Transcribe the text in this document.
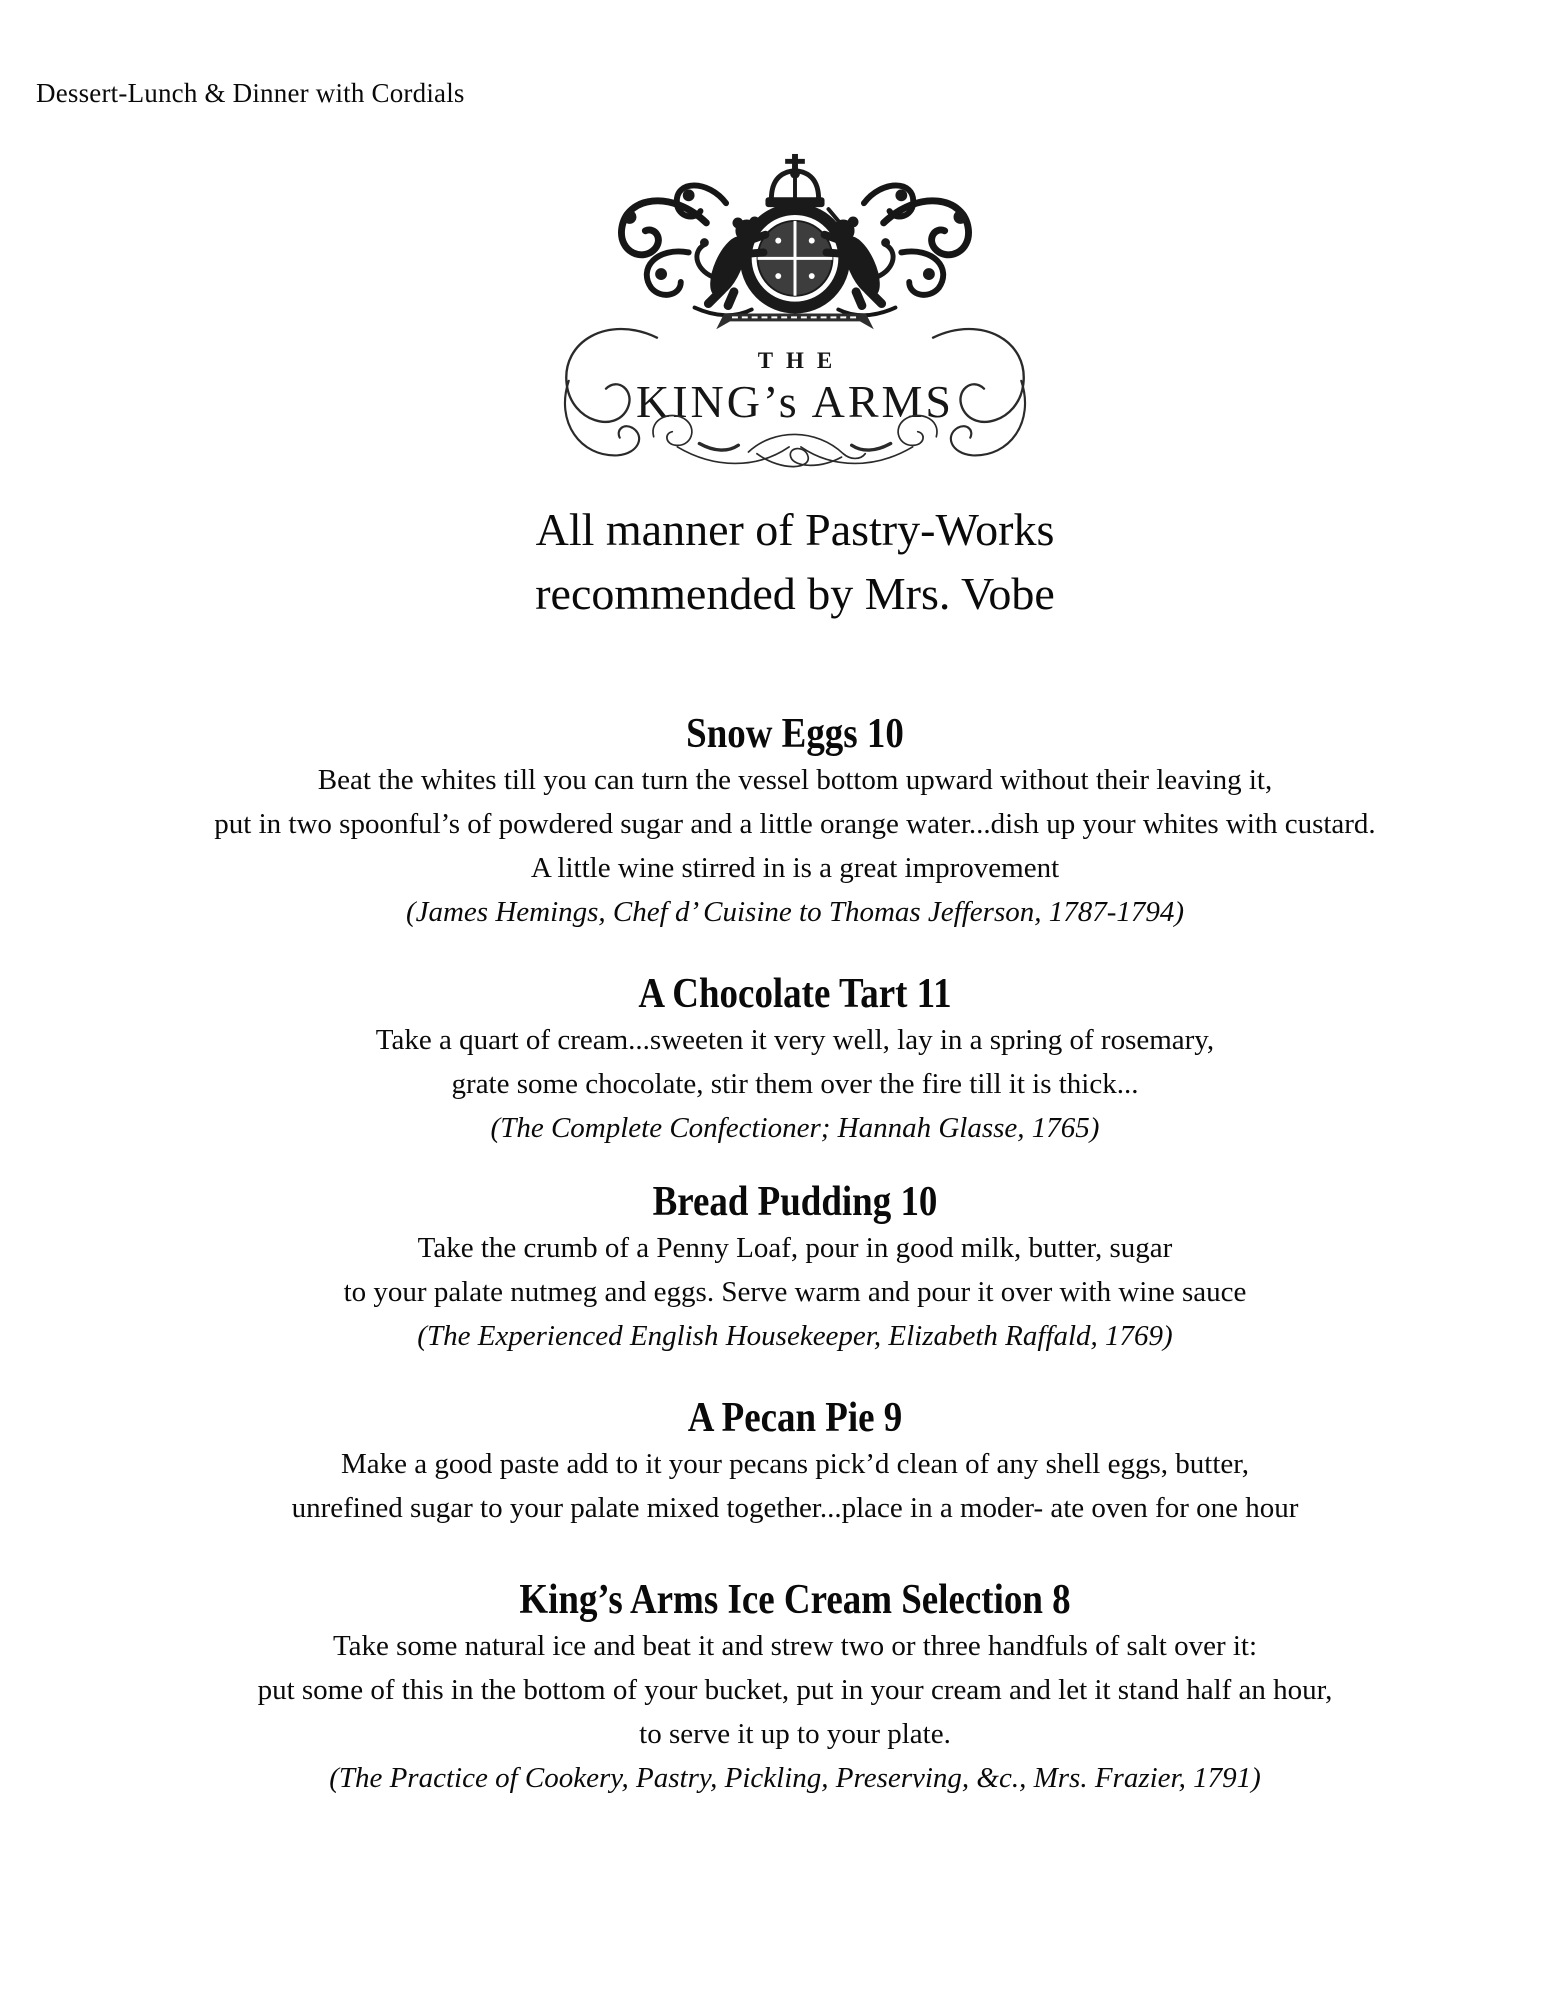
Dessert-Lunch & Dinner with Cordials
THE
KING’s ARMS
All manner of Pastry-Works
recommended by Mrs. Vobe
Snow Eggs 10
Beat the whites till you can turn the vessel bottom upward without their leaving it,
put in two spoonful’s of powdered sugar and a little orange water...dish up your whites with custard.
A little wine stirred in is a great improvement
(James Hemings, Chef d’ Cuisine to Thomas Jefferson, 1787-1794)
A Chocolate Tart 11
Take a quart of cream...sweeten it very well, lay in a spring of rosemary,
grate some chocolate, stir them over the fire till it is thick...
(The Complete Confectioner; Hannah Glasse, 1765)
Bread Pudding 10
Take the crumb of a Penny Loaf, pour in good milk, butter, sugar
to your palate nutmeg and eggs. Serve warm and pour it over with wine sauce
(The Experienced English Housekeeper, Elizabeth Raffald, 1769)
A Pecan Pie 9
Make a good paste add to it your pecans pick’d clean of any shell eggs, butter,
unrefined sugar to your palate mixed together...place in a moder- ate oven for one hour
King’s Arms Ice Cream Selection 8
Take some natural ice and beat it and strew two or three handfuls of salt over it:
put some of this in the bottom of your bucket, put in your cream and let it stand half an hour,
to serve it up to your plate.
(The Practice of Cookery, Pastry, Pickling, Preserving, &c., Mrs. Frazier, 1791)
